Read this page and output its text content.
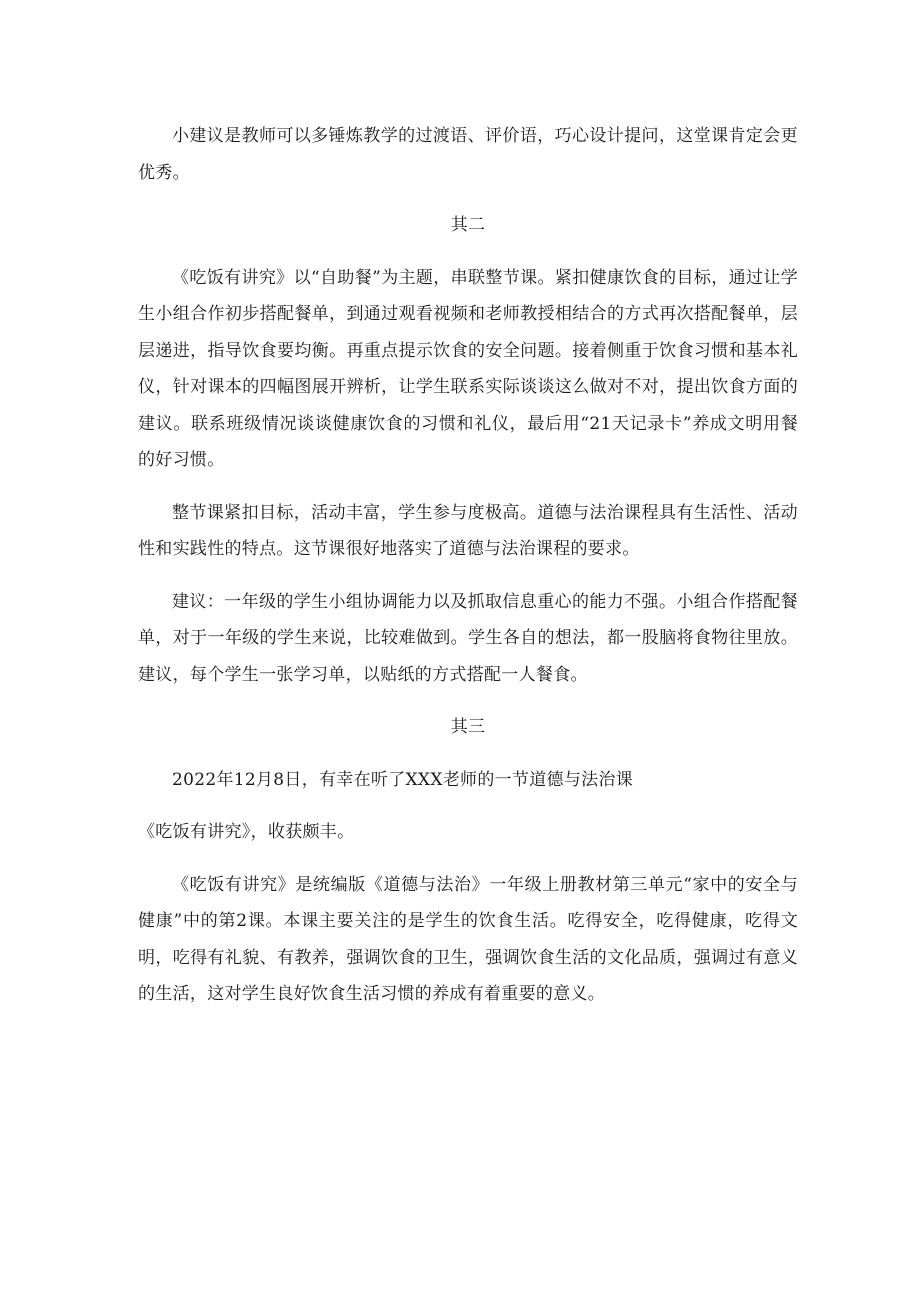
小建议是教师可以多锤炼教学的过渡语、评价语，巧心设计提问，这堂课肯定会更优秀。

其二

《吃饭有讲究》以“自助餐”为主题，串联整节课。紧扣健康饮食的目标，通过让学生小组合作初步搭配餐单，到通过观看视频和老师教授相结合的方式再次搭配餐单，层层递进，指导饮食要均衡。再重点提示饮食的安全问题。接着侧重于饮食习惯和基本礼仪，针对课本的四幅图展开辨析，让学生联系实际谈谈这么做对不对，提出饮食方面的建议。联系班级情况谈谈健康饮食的习惯和礼仪，最后用“21天记录卡”养成文明用餐的好习惯。

整节课紧扣目标，活动丰富，学生参与度极高。道德与法治课程具有生活性、活动性和实践性的特点。这节课很好地落实了道德与法治课程的要求。

建议：一年级的学生小组协调能力以及抓取信息重心的能力不强。小组合作搭配餐单，对于一年级的学生来说，比较难做到。学生各自的想法，都一股脑将食物往里放。建议，每个学生一张学习单，以贴纸的方式搭配一人餐食。

其三

2022年12月8日，有幸在听了XXX老师的一节道德与法治课

《吃饭有讲究》，收获颇丰。

《吃饭有讲究》是统编版《道德与法治》一年级上册教材第三单元“家中的安全与健康”中的第2课。本课主要关注的是学生的饮食生活。吃得安全，吃得健康，吃得文明，吃得有礼貌、有教养，强调饮食的卫生，强调饮食生活的文化品质，强调过有意义的生活，这对学生良好饮食生活习惯的养成有着重要的意义。
